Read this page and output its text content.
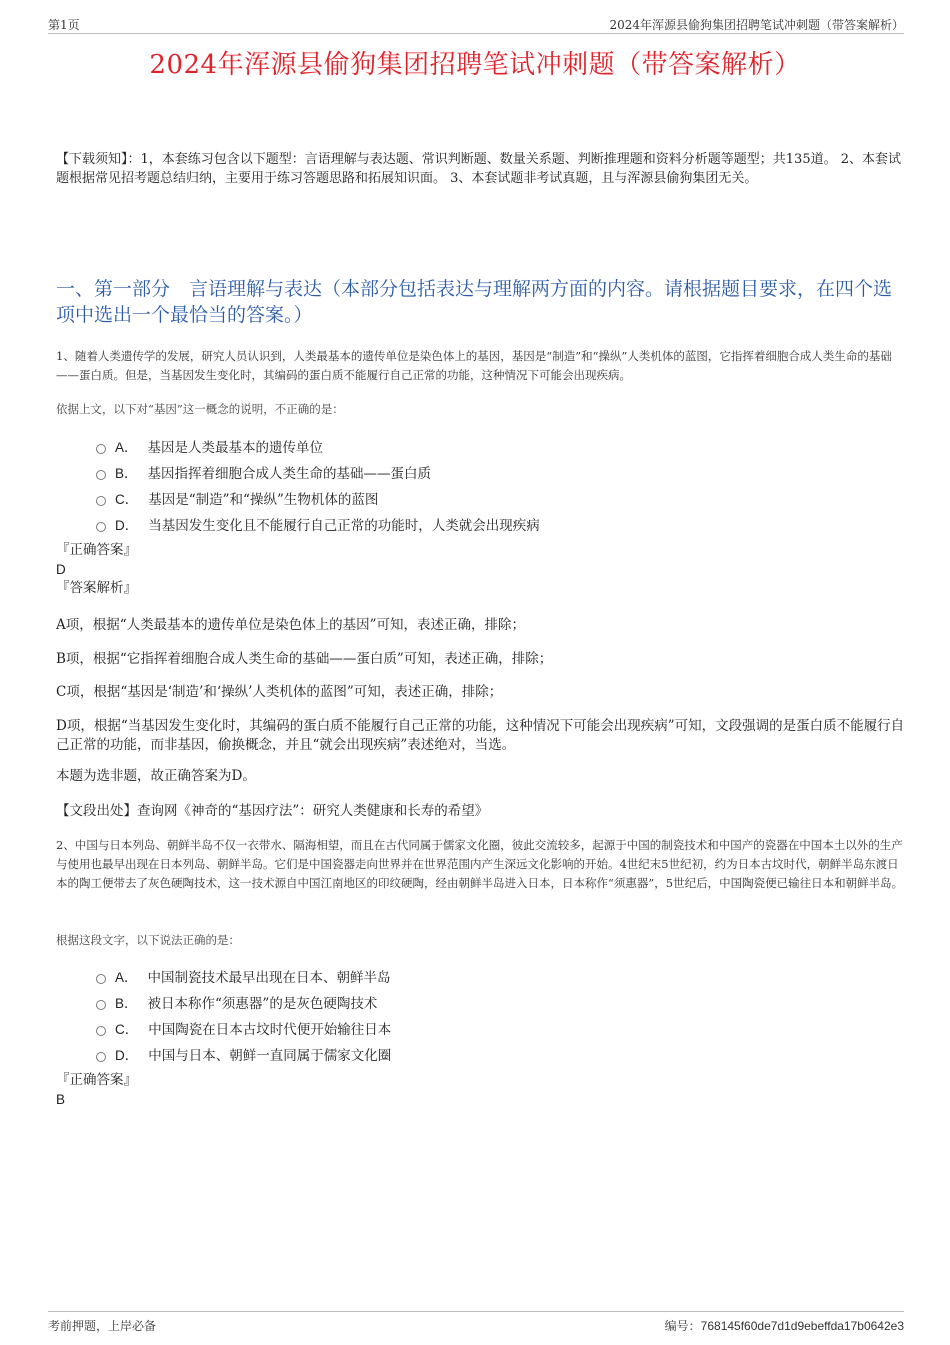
第1页	2024年浑源县偷狗集团招聘笔试冲刺题（带答案解析）
2024年浑源县偷狗集团招聘笔试冲刺题（带答案解析）
【下载须知】：1，本套练习包含以下题型：言语理解与表达题、常识判断题、数量关系题、判断推理题和资料分析题等题型；共135道。 2、本套试题根据常见招考题总结归纳，主要用于练习答题思路和拓展知识面。 3、本套试题非考试真题，且与浑源县偷狗集团无关。
一、第一部分　言语理解与表达（本部分包括表达与理解两方面的内容。请根据题目要求，在四个选项中选出一个最恰当的答案。）
1、随着人类遗传学的发展，研究人员认识到，人类最基本的遗传单位是染色体上的基因，基因是“制造”和“操纵”人类机体的蓝图，它指挥着细胞合成人类生命的基础——蛋白质。但是，当基因发生变化时，其编码的蛋白质不能履行自己正常的功能，这种情况下可能会出现疾病。
依据上文，以下对“基因”这一概念的说明，不正确的是：
A． 基因是人类最基本的遗传单位
B． 基因指挥着细胞合成人类生命的基础——蛋白质
C． 基因是“制造”和“操纵”生物机体的蓝图
D． 当基因发生变化且不能履行自己正常的功能时，人类就会出现疾病
『正确答案』
D
『答案解析』
A项，根据“人类最基本的遗传单位是染色体上的基因”可知，表述正确，排除；
B项，根据“它指挥着细胞合成人类生命的基础——蛋白质”可知，表述正确，排除；
C项，根据“基因是‘制造’和‘操纵’人类机体的蓝图”可知，表述正确，排除；
D项，根据“当基因发生变化时，其编码的蛋白质不能履行自己正常的功能，这种情况下可能会出现疾病”可知，文段强调的是蛋白质不能履行自己正常的功能，而非基因，偷换概念，并且“就会出现疾病”表述绝对，当选。
本题为选非题，故正确答案为D。
【文段出处】查询网《神奇的“基因疗法”：研究人类健康和长寿的希望》
2、中国与日本列岛、朝鲜半岛不仅一衣带水、隔海相望，而且在古代同属于儒家文化圈，彼此交流较多，起源于中国的制瓷技术和中国产的瓷器在中国本土以外的生产与使用也最早出现在日本列岛、朝鲜半岛。它们是中国瓷器走向世界并在世界范围内产生深远文化影响的开始。4世纪末5世纪初，约为日本古坟时代，朝鲜半岛东渡日本的陶工便带去了灰色硬陶技术，这一技术源自中国江南地区的印纹硬陶，经由朝鲜半岛进入日本，日本称作“须惠器”，5世纪后，中国陶瓷便已输往日本和朝鲜半岛。
根据这段文字，以下说法正确的是：
A． 中国制瓷技术最早出现在日本、朝鲜半岛
B． 被日本称作“须惠器”的是灰色硬陶技术
C． 中国陶瓷在日本古坟时代便开始输往日本
D． 中国与日本、朝鲜一直同属于儒家文化圈
『正确答案』
B
考前押题，上岸必备	编号：768145f60de7d1d9ebeffda17b0642e3
